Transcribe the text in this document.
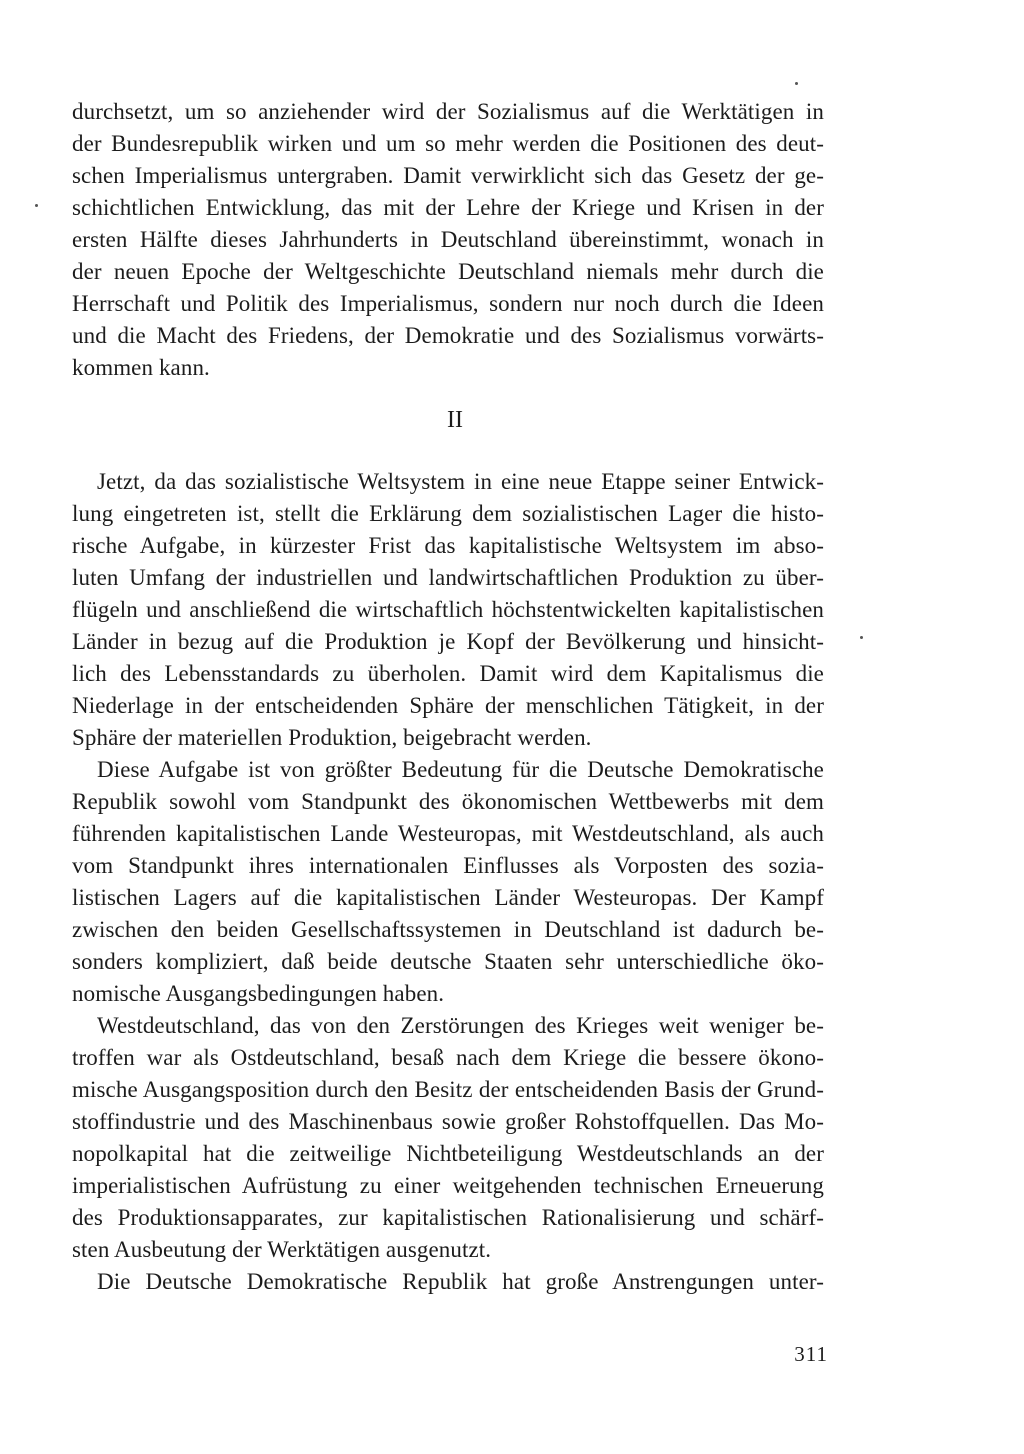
durchsetzt, um so anziehender wird der Sozialismus auf die Werktätigen in
der Bundesrepublik wirken und um so mehr werden die Positionen des deut-
schen Imperialismus untergraben. Damit verwirklicht sich das Gesetz der ge-
schichtlichen Entwicklung, das mit der Lehre der Kriege und Krisen in der
ersten Hälfte dieses Jahrhunderts in Deutschland übereinstimmt, wonach in
der neuen Epoche der Weltgeschichte Deutschland niemals mehr durch die
Herrschaft und Politik des Imperialismus, sondern nur noch durch die Ideen
und die Macht des Friedens, der Demokratie und des Sozialismus vorwärts-
kommen kann.
II
Jetzt, da das sozialistische Weltsystem in eine neue Etappe seiner Entwick-
lung eingetreten ist, stellt die Erklärung dem sozialistischen Lager die histo-
rische Aufgabe, in kürzester Frist das kapitalistische Weltsystem im abso-
luten Umfang der industriellen und landwirtschaftlichen Produktion zu über-
flügeln und anschließend die wirtschaftlich höchstentwickelten kapitalistischen
Länder in bezug auf die Produktion je Kopf der Bevölkerung und hinsicht-
lich des Lebensstandards zu überholen. Damit wird dem Kapitalismus die
Niederlage in der entscheidenden Sphäre der menschlichen Tätigkeit, in der
Sphäre der materiellen Produktion, beigebracht werden.
Diese Aufgabe ist von größter Bedeutung für die Deutsche Demokratische
Republik sowohl vom Standpunkt des ökonomischen Wettbewerbs mit dem
führenden kapitalistischen Lande Westeuropas, mit Westdeutschland, als auch
vom Standpunkt ihres internationalen Einflusses als Vorposten des sozia-
listischen Lagers auf die kapitalistischen Länder Westeuropas. Der Kampf
zwischen den beiden Gesellschaftssystemen in Deutschland ist dadurch be-
sonders kompliziert, daß beide deutsche Staaten sehr unterschiedliche öko-
nomische Ausgangsbedingungen haben.
Westdeutschland, das von den Zerstörungen des Krieges weit weniger be-
troffen war als Ostdeutschland, besaß nach dem Kriege die bessere ökono-
mische Ausgangsposition durch den Besitz der entscheidenden Basis der Grund-
stoffindustrie und des Maschinenbaus sowie großer Rohstoffquellen. Das Mo-
nopolkapital hat die zeitweilige Nichtbeteiligung Westdeutschlands an der
imperialistischen Aufrüstung zu einer weitgehenden technischen Erneuerung
des Produktionsapparates, zur kapitalistischen Rationalisierung und schärf-
sten Ausbeutung der Werktätigen ausgenutzt.
Die Deutsche Demokratische Republik hat große Anstrengungen unter-
311
